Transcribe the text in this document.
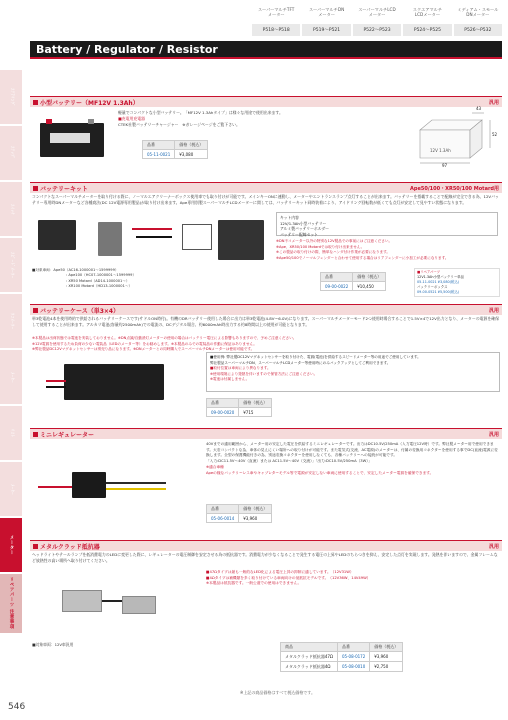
ｽﾃｱﾘﾝｸﾞ
ｽﾃｯﾌﾟ
ｽｲｯﾁ
ｽﾋﾟｰﾄﾞﾒｰﾀｰ
ﾀｺﾒｰﾀｰ
ﾒｰﾀｰ
ﾘｽﾄ
ﾒｰﾀｰ
メーター
リペアパーツ 注意事項
スーパーマルチTFT
メーター
P518〜P518
スーパーマルチDN
メーター
P519〜P521
スーパーマルチLCD
メーター
P522〜P523
スクエアマルチ
LCDメーター
P524〜P525
ミディアム・スモール
DNメーター
P526〜P532
Battery / Regulator / Resistor
小型バッテリー（MF12V 1.3Ah）	汎用
軽量でコンパクトな小型バッテリー。「MF12V 1.3Ahタイプ」は様々な用途で使用出来ます。
■充電用充電器
CTEK社製バッテリーチャージャー　※ガレージページをご覧下さい。
12V 1.3Ah
43
52
97
品番	価格（税込）
05-11-0021	¥3,080
バッテリーキット	Ape50/100・XR50/100 Motard用
コンパクトなスーパーマルチメーターを取り付ける際に、ノーマルエアクリーナーボックス使用車でも取り付けが可能です。メインキーONに連動し、メーターやエントランスランプ点灯することが出来ます。バッテリーを搭載することで配線が完全できる為、12Vバッテリー専用時DNメーターなど各種商法(DC 12V電源専用製品)が取り付け出来ます。Ape専用別製スーパーマルチLCDメーターに関しては、バッテリーキット同時装着により、アイドリング回転数が低くても点灯が安定して見やすい状態になります。
キット内容
12V/1.3Ah小型バッテリー
アルミ製バッテリーホルダー
バッテリー配線セット
※DN不コメーター以外の特別な12V製品での事前にはご注意ください。
※Ape、XR50/100 Motardでは取り付け出来ません。
※この製品の取り付けの際、簡単なハンダ付け作業が必要になります。
※Ape50/100でノーマルフェンダーと合わせて使用する場合はリアフェンダーに小加工が必要になります。
■対象車両：Ape50（AC16-1000001〜1599999）
: Ape100（HC07-1000001〜1599999）
: XR50 Motard（AD14-1000001〜）
: XR100 Motard（HD13-1000001〜）
品番	価格（税込）
09-00-0022	¥10,450
■リペアパーツ
12V1.3Ah小型バッテリー単品
05-11-0021 ¥3,080(税込)
バッテリーボックス
09-00-0521 ¥5,500(税込)
バッテリーケース（単3×4）	汎用
単3乾電池4本を使用時的で供給されるバッテリーケースです(サドルON時付)。有機のDRバッテリー使用した場合に出力は単3乾電池(4.8V〜6.0V)になります。スーパーマルチメーターモード2つ使用時場合することで1.5V×4で12V出力となり、メーターの電源を確保して使用することが出来ます。アルカリ電池(容量約2500mAh)での電流の、DCデジタル場合、約6000mAh時出力する約8時間以上の使用が可能となります。
※本製品は出荷状態では電池を実装しておりません。※DN点滅/自動消灯メーターの使用の場合はバッテリー電圧による影響もありますので、予めご注意ください。
※12V電源を使用するため負荷の少ない電装品（LEDのメーター等）をお勧めします。※本製品のみでの電装品の作動に保証はありません。
※弊社製品DC12Vマグネットセンサーは別売り品になります。※DNメーターとの同時購入でスーパーマルチDNメーターは使用可能です。
■使用例: 弊社製DC12Vマグネットセンサーを取り付けた、電源(電池)を供給するスピードメーター等の用途でご使用しています。
弊社製品スーパーマルチDN、スーパーマルチLCDメーター等使用時にのみバックアップとしてご利用できます。
■取付位置は車両により異なります。
※使用環境により発熱を伴いますので保管方法にご注意ください。
※電池は付属しません。
品番	価格（税込）
09-00-0020	¥715
ミニレギュレーター	汎用
40Vまでの適用範囲から、メーター用の安定した電圧を供給するミニレギュレーターです。出力はDC10.5V/250mA（入力電圧12V時）です。弊社製メーター用で使用できます。大変コンパクトな為、車体の見えにくい場所への取り付けが可能です。また電気式(交流、AC電源)のメーターは、付属の変換用コネクターを使用する事でDC(直流)電源に変換します。全型の保護機能付きの為、別途変換コネクターを使用しなくても、各種バッテリーへの接続が可能です。
「入力:DC11.5V〜40V（直流）または AC11.5V〜40V（交流）」「出力:DC10.5V/250mA（3W）」
※適合車種
Apeの様なバッテリーレス車やキャブレターモデル等で電源が安定しない車両に使用することで、安定したメーター電源を確保できます。
品番	価格（税込）
05-06-0014	¥3,960
メタルクラッド抵抗器	汎用
ヘッドライトやテールランプを低消費電力のLEDに変更した際に、レギュレーターの電圧制御を安定させる為の抵抗器です。消費電力が少なくなることで発生する電圧の上昇やLEDのちらつきを抑え、安定した点灯を実現します。発熱を伴いますので、金属フレームなど放熱性の高い場所へ取り付けてください。
■47Ωタイプは最も一般的なLED化による電圧上昇の抑制に適しています。（12V31W）
■4Ωタイプは補機類を多く取り付けている車両向けの低抵抗モデルです。（12V36W、14V49W）
※本製品は抵抗器です。一般公道での使用はできません。
■対象車両：12V車汎用	商品	品番	価格（税込）
メタルクラッド抵抗器47Ω	05-08-0172	¥3,960
メタルクラッド抵抗器4Ω	05-08-0010	¥2,750
※上記の商品価格はすべて税込価格です。
546
